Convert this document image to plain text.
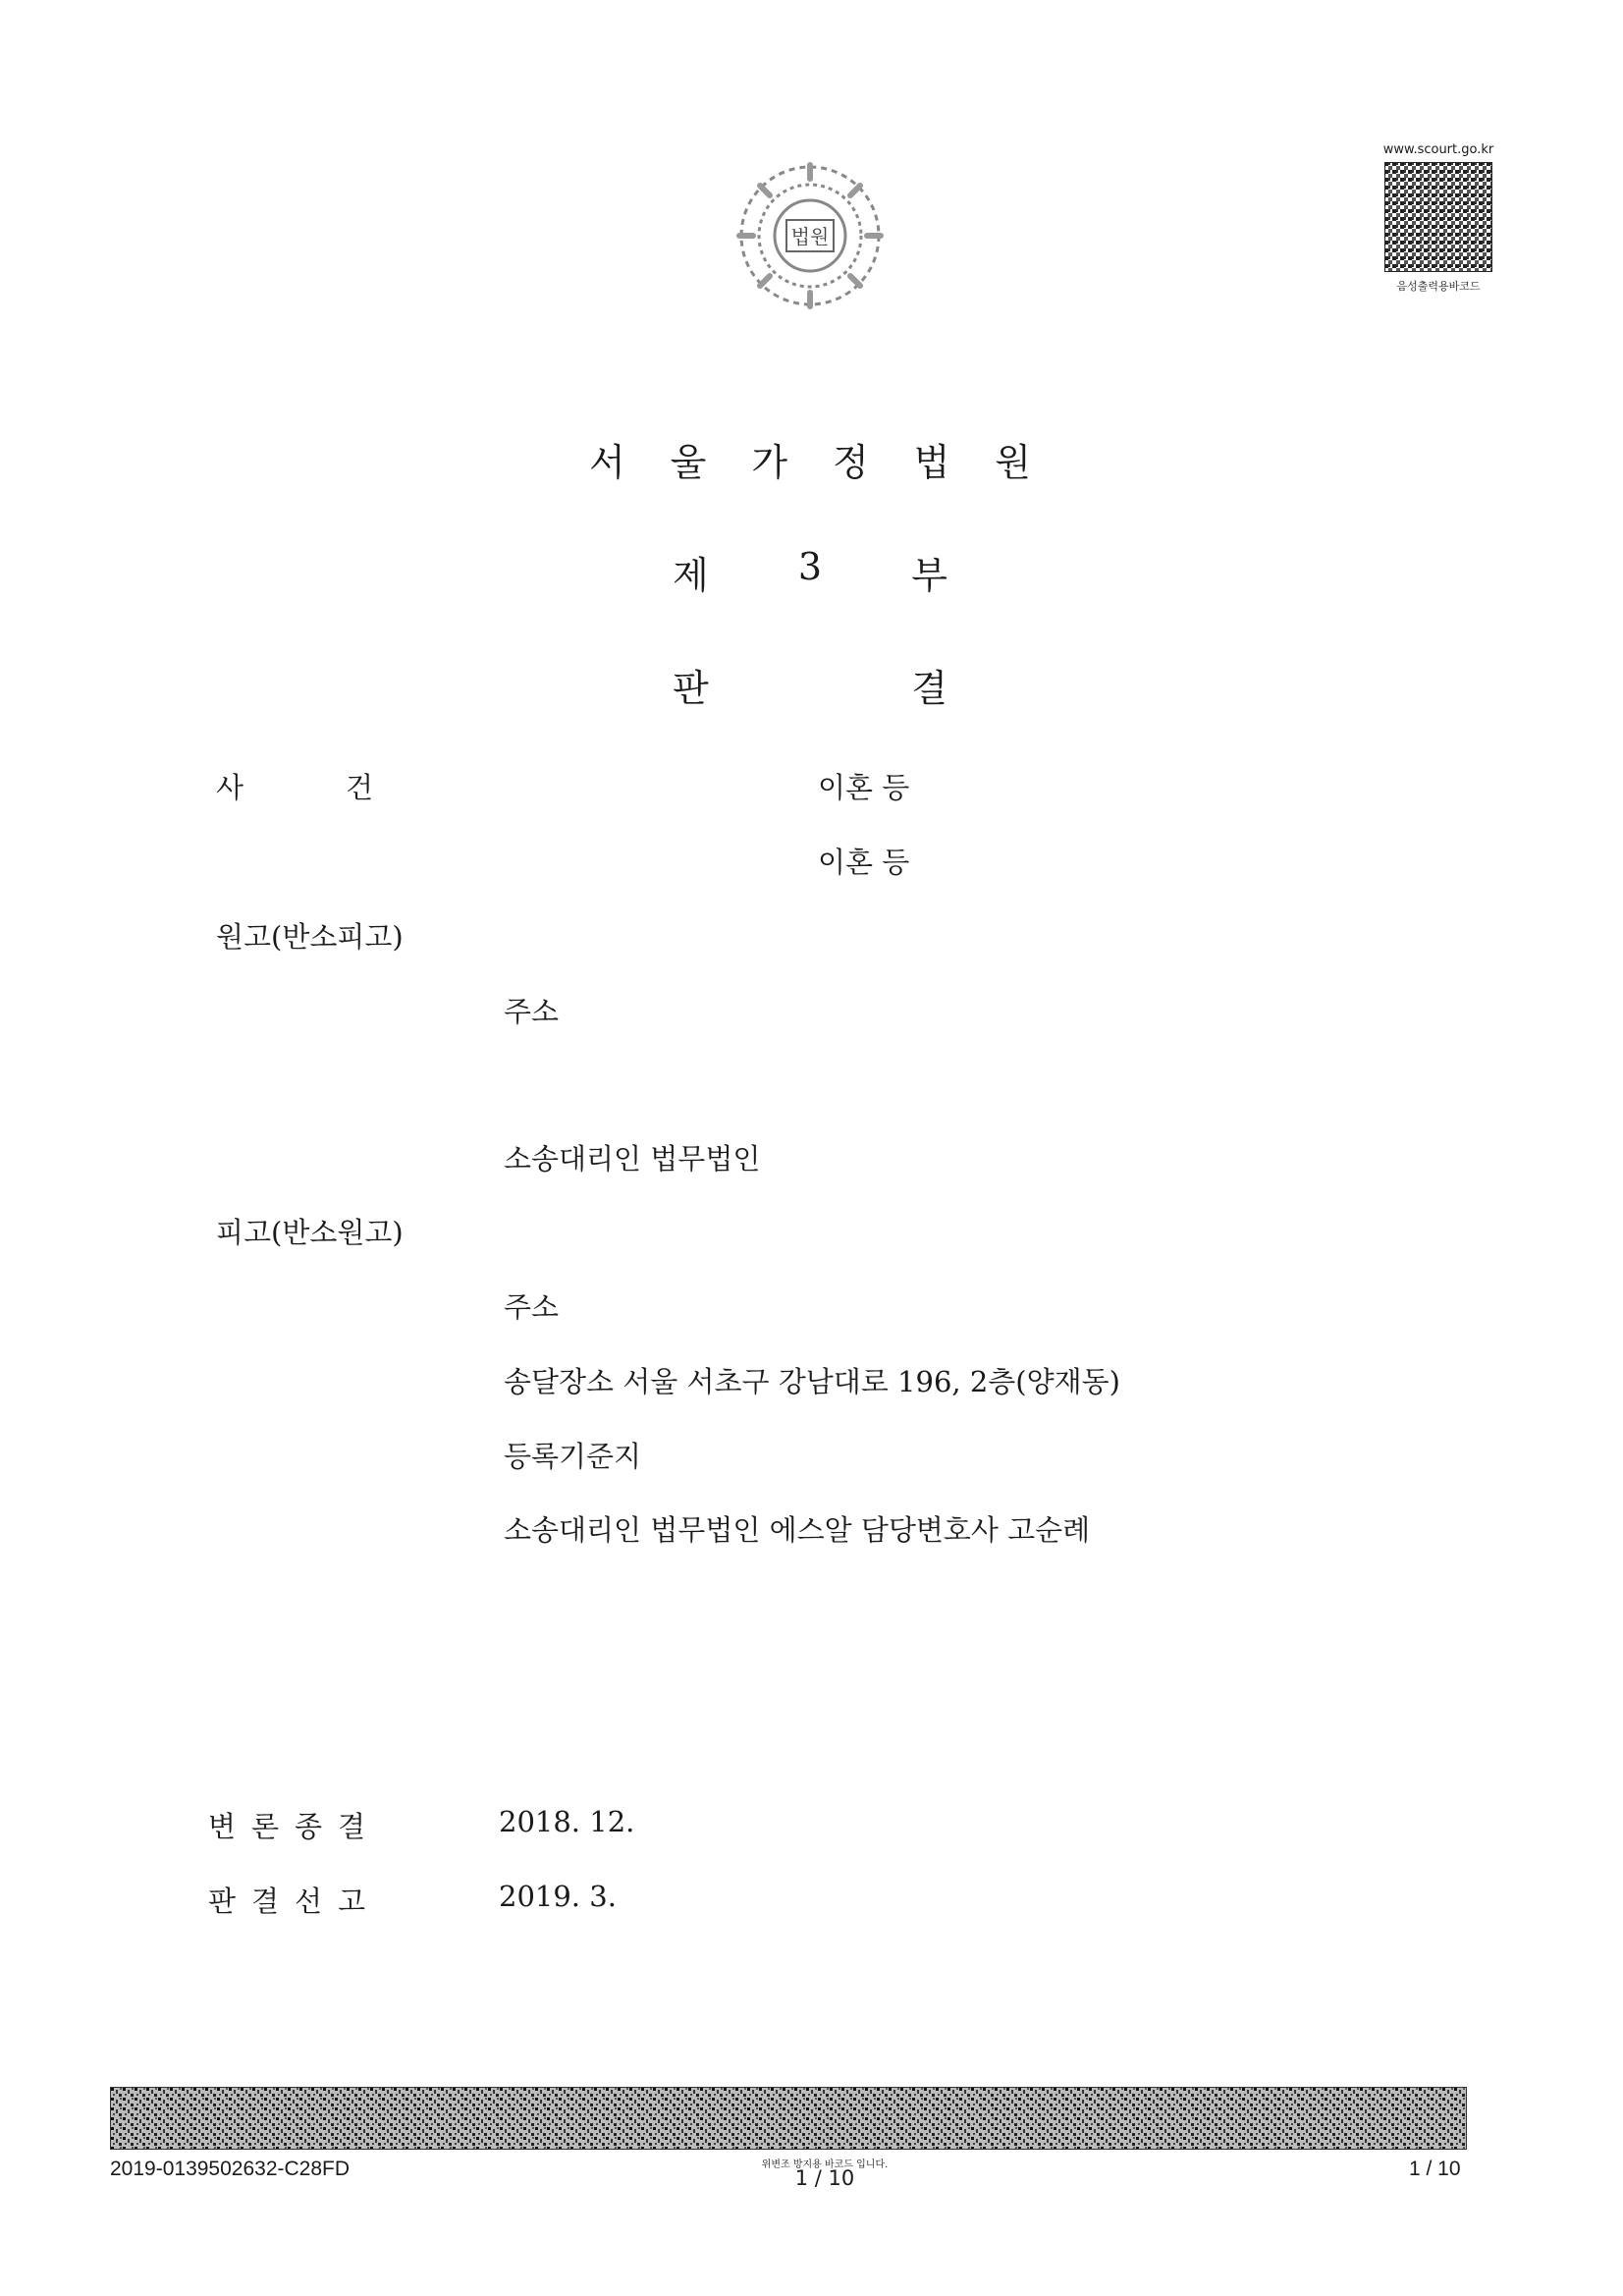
법원
www.scourt.go.kr
음성출력용바코드
서 울 가 정 법 원
제 3 부
판	결
사	건	이혼 등
이혼 등
원고(반소피고)
주소
소송대리인 법무법인
피고(반소원고)
주소
송달장소 서울 서초구 강남대로 196, 2층(양재동)
등록기준지
소송대리인 법무법인 에스알 담당변호사 고순례
변 론 종 결	2018. 12.
판 결 선 고	2019. 3.
2019-0139502632-C28FD	위변조 방지용 바코드 입니다.
1 / 10	1 / 10
